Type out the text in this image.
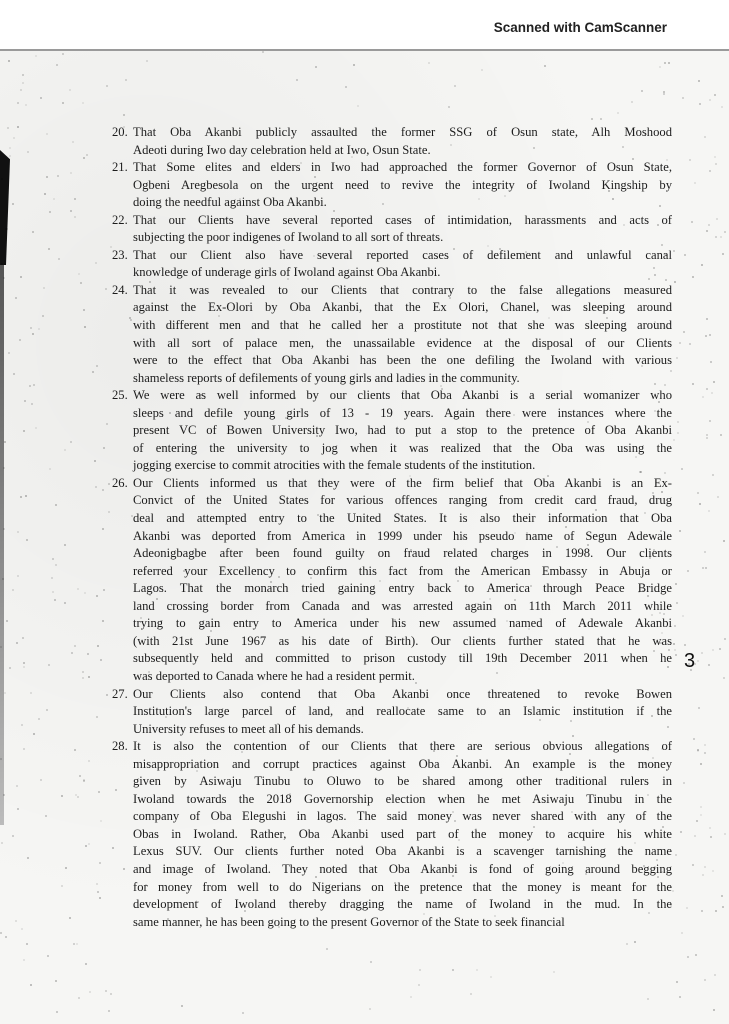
Scanned with CamScanner
20. That Oba Akanbi publicly assaulted the former SSG of Osun state, Alh Moshood
Adeoti during Iwo day celebration held at Iwo, Osun State.
21. That Some elites and elders in Iwo had approached the former Governor of Osun State,
Ogbeni Aregbesola on the urgent need to revive the integrity of Iwoland Kingship by
doing the needful against Oba Akanbi.
22. That our Clients have several reported cases of intimidation, harassments and acts of
subjecting the poor indigenes of Iwoland to all sort of threats.
23. That our Client also have several reported cases of defilement and unlawful canal
knowledge of underage girls of Iwoland against Oba Akanbi.
24. That it was revealed to our Clients that contrary to the false allegations measured
against the Ex-Olori by Oba Akanbi, that the Ex Olori, Chanel, was sleeping around
with different men and that he called her a prostitute not that she was sleeping around
with all sort of palace men, the unassailable evidence at the disposal of our Clients
were to the effect that Oba Akanbi has been the one defiling the Iwoland with various
shameless reports of defilements of young girls and ladies in the community.
25. We were as well informed by our clients that Oba Akanbi is a serial womanizer who
sleeps and defile young girls of 13 - 19 years. Again there were instances where the
present VC of Bowen University Iwo, had to put a stop to the pretence of Oba Akanbi
of entering the university to jog when it was realized that the Oba was using the
jogging exercise to commit atrocities with the female students of the institution.
26. Our Clients informed us that they were of the firm belief that Oba Akanbi is an Ex-
Convict of the United States for various offences ranging from credit card fraud, drug
deal and attempted entry to the United States. It is also their information that Oba
Akanbi was deported from America in 1999 under his pseudo name of Segun Adewale
Adeonigbagbe after been found guilty on fraud related charges in 1998. Our clients
referred your Excellency to confirm this fact from the American Embassy in Abuja or
Lagos. That the monarch tried gaining entry back to America through Peace Bridge
land crossing border from Canada and was arrested again on 11th March 2011 while
trying to gain entry to America under his new assumed named of Adewale Akanbi
(with 21st June 1967 as his date of Birth). Our clients further stated that he was
subsequently held and committed to prison custody till 19th December 2011 when he
was deported to Canada where he had a resident permit.
27. Our Clients also contend that Oba Akanbi once threatened to revoke Bowen
Institution's large parcel of land, and reallocate same to an Islamic institution if the
University refuses to meet all of his demands.
28. It is also the contention of our Clients that there are serious obvious allegations of
misappropriation and corrupt practices against Oba Akanbi. An example is the money
given by Asiwaju Tinubu to Oluwo to be shared among other traditional rulers in
Iwoland towards the 2018 Governorship election when he met Asiwaju Tinubu in the
company of Oba Elegushi in lagos. The said money was never shared with any of the
Obas in Iwoland. Rather, Oba Akanbi used part of the money to acquire his white
Lexus SUV. Our clients further noted Oba Akanbi is a scavenger tarnishing the name
and image of Iwoland. They noted that Oba Akanbi is fond of going around begging
for money from well to do Nigerians on the pretence that the money is meant for the
development of Iwoland thereby dragging the name of Iwoland in the mud. In the
same manner, he has been going to the present Governor of the State to seek financial
3
